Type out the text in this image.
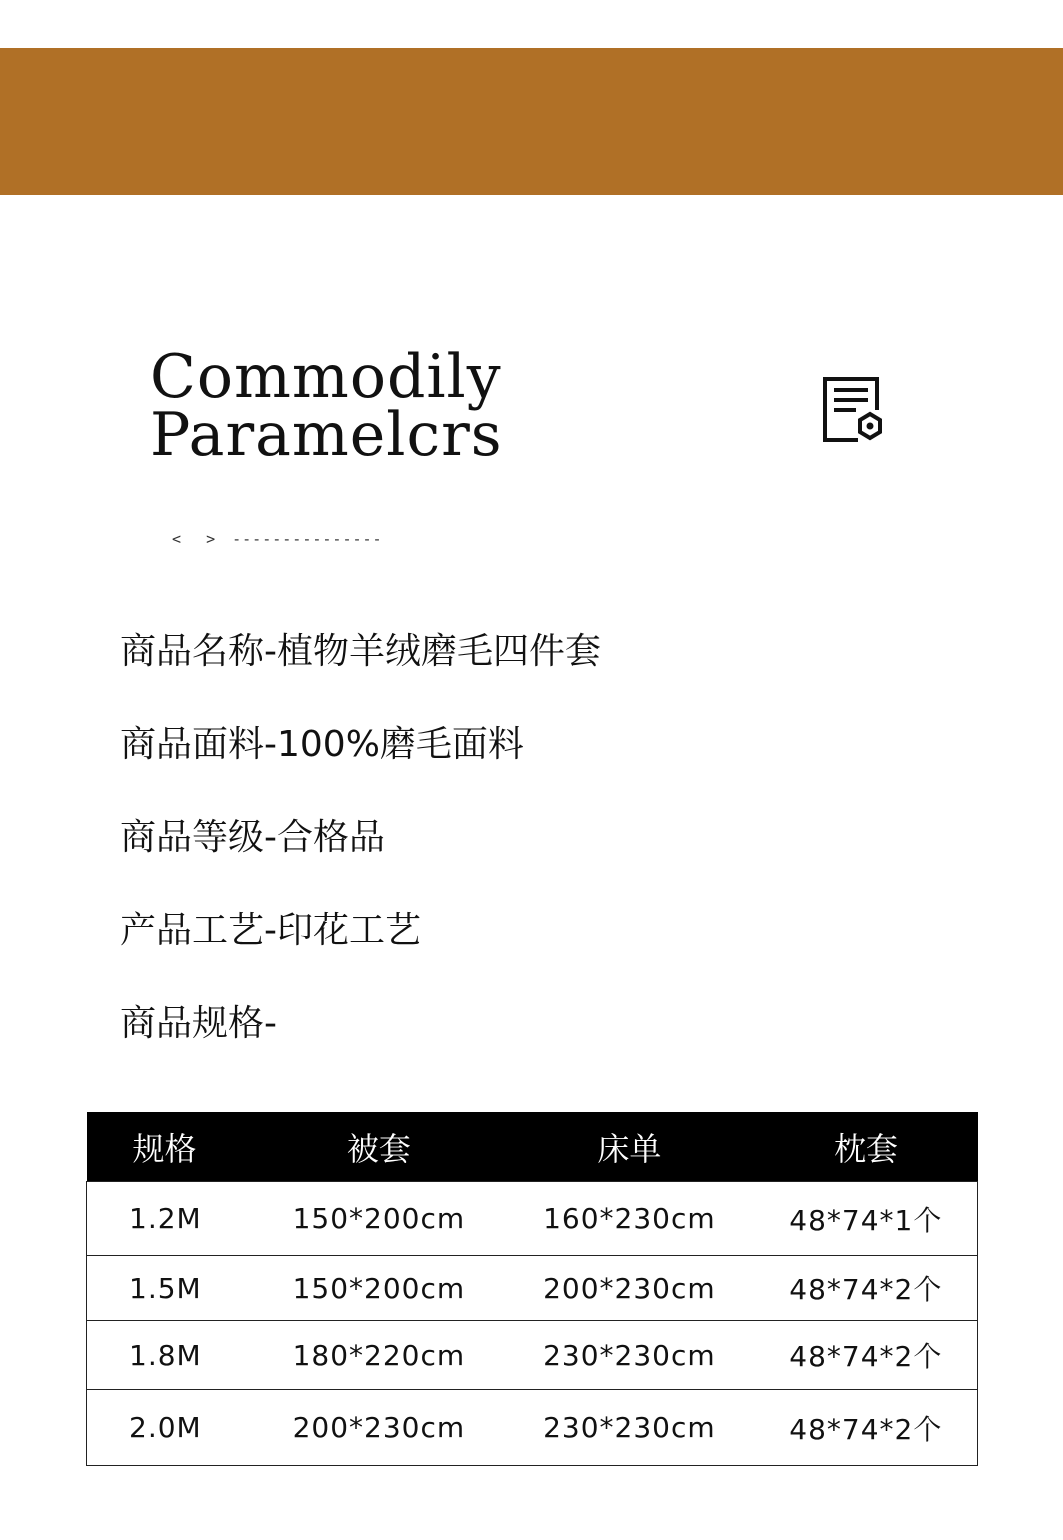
Commodily
Paramelcrs
< > ---------------
商品名称-植物羊绒磨毛四件套
商品面料-100%磨毛面料
商品等级-合格品
产品工艺-印花工艺
商品规格-
规格	被套	床单	枕套
1.2M	150*200cm	160*230cm	48*74*1个
1.5M	150*200cm	200*230cm	48*74*2个
1.8M	180*220cm	230*230cm	48*74*2个
2.0M	200*230cm	230*230cm	48*74*2个
